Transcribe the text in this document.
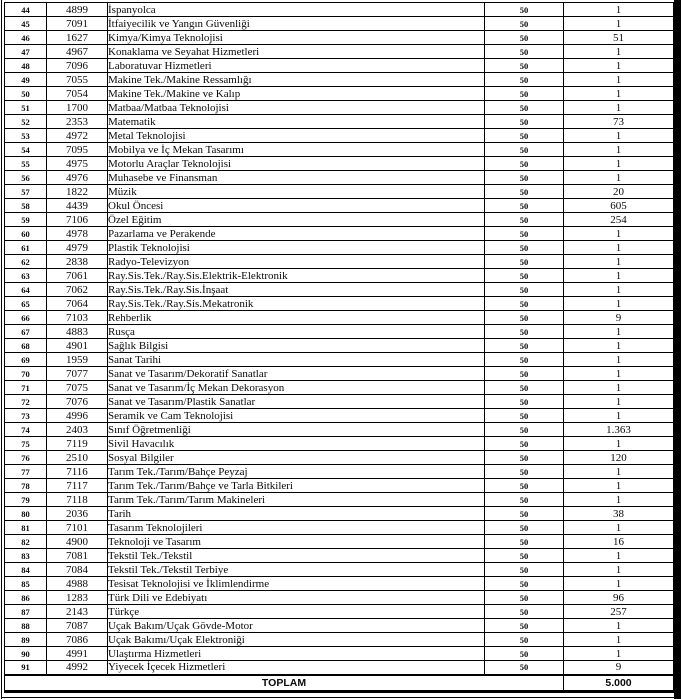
44	4899	İspanyolca	50	1
45	7091	İtfaiyecilik ve Yangın Güvenliği	50	1
46	1627	Kimya/Kimya Teknolojisi	50	51
47	4967	Konaklama ve Seyahat Hizmetleri	50	1
48	7096	Laboratuvar Hizmetleri	50	1
49	7055	Makine Tek./Makine Ressamlığı	50	1
50	7054	Makine Tek./Makine ve Kalıp	50	1
51	1700	Matbaa/Matbaa Teknolojisi	50	1
52	2353	Matematik	50	73
53	4972	Metal Teknolojisi	50	1
54	7095	Mobilya ve İç Mekan Tasarımı	50	1
55	4975	Motorlu Araçlar Teknolojisi	50	1
56	4976	Muhasebe ve Finansman	50	1
57	1822	Müzik	50	20
58	4439	Okul Öncesi	50	605
59	7106	Özel Eğitim	50	254
60	4978	Pazarlama ve Perakende	50	1
61	4979	Plastik Teknolojisi	50	1
62	2838	Radyo-Televizyon	50	1
63	7061	Ray.Sis.Tek./Ray.Sis.Elektrik-Elektronik	50	1
64	7062	Ray.Sis.Tek./Ray.Sis.İnşaat	50	1
65	7064	Ray.Sis.Tek./Ray.Sis.Mekatronik	50	1
66	7103	Rehberlik	50	9
67	4883	Rusça	50	1
68	4901	Sağlık Bilgisi	50	1
69	1959	Sanat Tarihi	50	1
70	7077	Sanat ve Tasarım/Dekoratif Sanatlar	50	1
71	7075	Sanat ve Tasarım/İç Mekan Dekorasyon	50	1
72	7076	Sanat ve Tasarım/Plastik Sanatlar	50	1
73	4996	Seramik ve Cam Teknolojisi	50	1
74	2403	Sınıf Öğretmenliği	50	1.363
75	7119	Sivil Havacılık	50	1
76	2510	Sosyal Bilgiler	50	120
77	7116	Tarım Tek./Tarım/Bahçe Peyzaj	50	1
78	7117	Tarım Tek./Tarım/Bahçe ve Tarla Bitkileri	50	1
79	7118	Tarım Tek./Tarım/Tarım Makineleri	50	1
80	2036	Tarih	50	38
81	7101	Tasarım Teknolojileri	50	1
82	4900	Teknoloji ve Tasarım	50	16
83	7081	Tekstil Tek./Tekstil	50	1
84	7084	Tekstil Tek./Tekstil Terbiye	50	1
85	4988	Tesisat Teknolojisi ve İklimlendirme	50	1
86	1283	Türk Dili ve Edebiyatı	50	96
87	2143	Türkçe	50	257
88	7087	Uçak Bakım/Uçak Gövde-Motor	50	1
89	7086	Uçak Bakımı/Uçak Elektroniği	50	1
90	4991	Ulaştırma Hizmetleri	50	1
91	4992	Yiyecek İçecek Hizmetleri	50	9
TOPLAM				5.000
